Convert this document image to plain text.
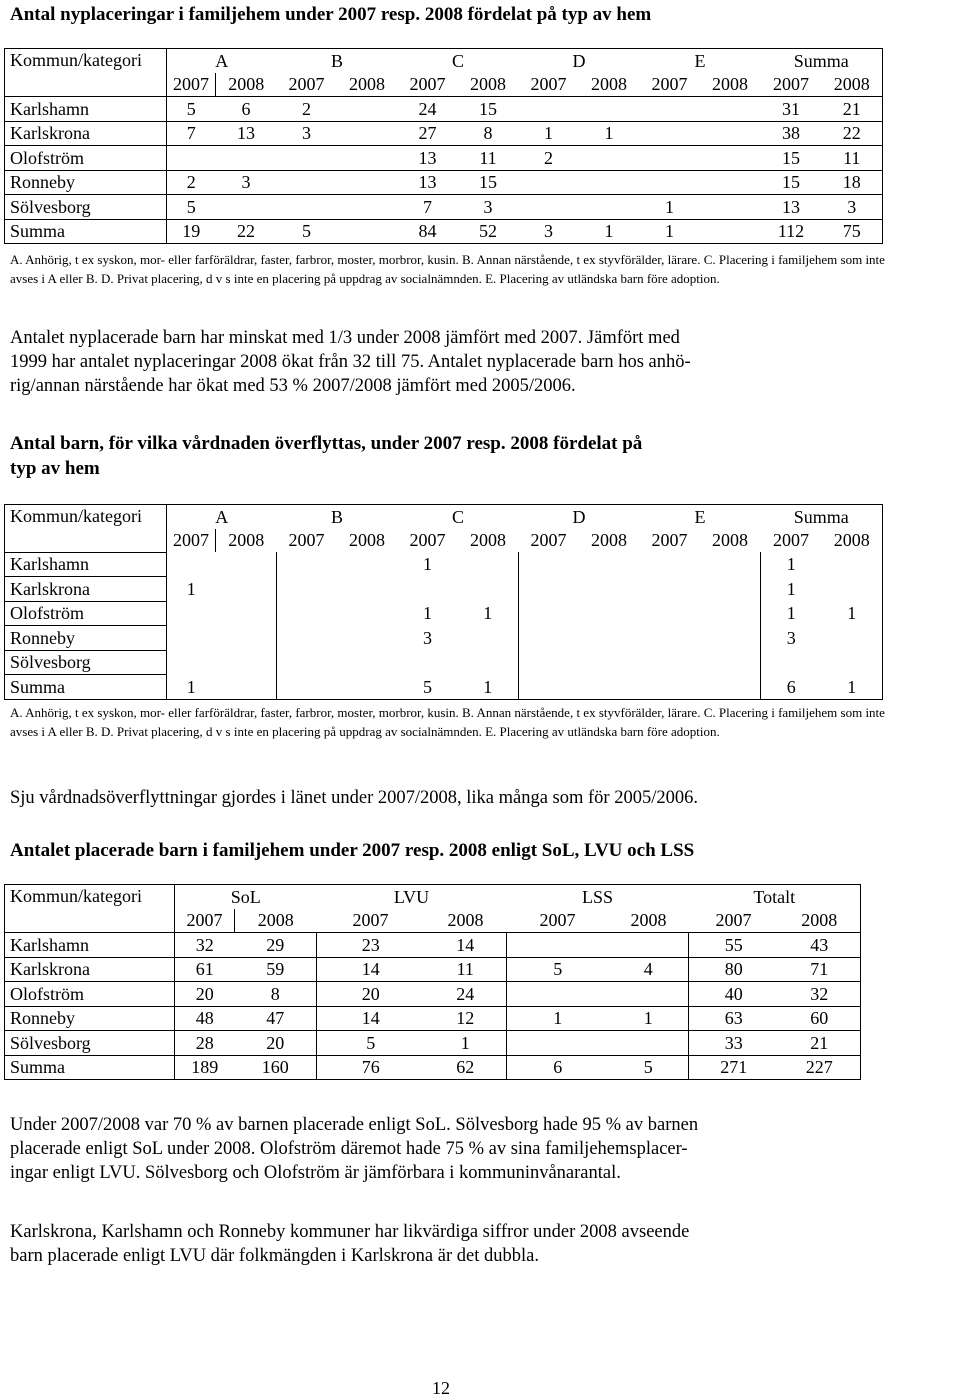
Antal nyplaceringar i familjehem under 2007 resp. 2008 fördelat på typ av hem
Kommun/kategori	A		B		C		D		E		Summa	
	2007	2008	2007	2008	2007	2008	2007	2008	2007	2008	2007	2008
Karlshamn	5	6	2		24	15					31	21
Karlskrona	7	13	3		27	8	1	1			38	22
Olofström					13	11	2				15	11
Ronneby	2	3			13	15					15	18
Sölvesborg	5				7	3			1		13	3
Summa	19	22	5		84	52	3	1	1		112	75

A. Anhörig, t ex syskon, mor- eller farföräldrar, faster, farbror, moster, morbror, kusin. B. Annan närstående, t ex styvförälder, lärare. C. Placering i familjehem som inte avses i A eller B. D. Privat placering, d v s inte en placering på uppdrag av socialnämnden. E. Placering av utländska barn före adoption.

Antalet nyplacerade barn har minskat med 1/3 under 2008 jämfört med 2007. Jämfört med
1999 har antalet nyplaceringar 2008 ökat från 32 till 75. Antalet nyplacerade barn hos anhö-
rig/annan närstående har ökat med 53 % 2007/2008 jämfört med 2005/2006.
Antal barn, för vilka vårdnaden överflyttas, under 2007 resp. 2008 fördelat på
typ av hem
Kommun/kategori	A		B		C		D		E		Summa	
	2007	2008	2007	2008	2007	2008	2007	2008	2007	2008	2007	2008
Karlshamn					1						1	
Karlskrona	1										1	
Olofström					1	1					1	1
Ronneby					3						3	
Sölvesborg												
Summa	1				5	1					6	1

A. Anhörig, t ex syskon, mor- eller farföräldrar, faster, farbror, moster, morbror, kusin. B. Annan närstående, t ex styvförälder, lärare. C. Placering i familjehem som inte avses i A eller B. D. Privat placering, d v s inte en placering på uppdrag av socialnämnden. E. Placering av utländska barn före adoption.

Sju vårdnadsöverflyttningar gjordes i länet under 2007/2008, lika många som för 2005/2006.

Antalet placerade barn i familjehem under 2007 resp. 2008 enligt SoL, LVU och LSS
Kommun/kategori	SoL		LVU		LSS		Totalt	
	2007	2008	2007	2008	2007	2008	2007	2008
Karlshamn	32	29	23	14			55	43
Karlskrona	61	59	14	11	5	4	80	71
Olofström	20	8	20	24			40	32
Ronneby	48	47	14	12	1	1	63	60
Sölvesborg	28	20	5	1			33	21
Summa	189	160	76	62	6	5	271	227
Under 2007/2008 var 70 % av barnen placerade enligt SoL. Sölvesborg hade 95 % av barnen
placerade enligt SoL under 2008. Olofström däremot hade 75 % av sina familjehemsplacer-
ingar enligt LVU. Sölvesborg och Olofström är jämförbara i kommuninvånarantal.
Karlskrona, Karlshamn och Ronneby kommuner har likvärdiga siffror under 2008 avseende
barn placerade enligt LVU där folkmängden i Karlskrona är det dubbla.
12
